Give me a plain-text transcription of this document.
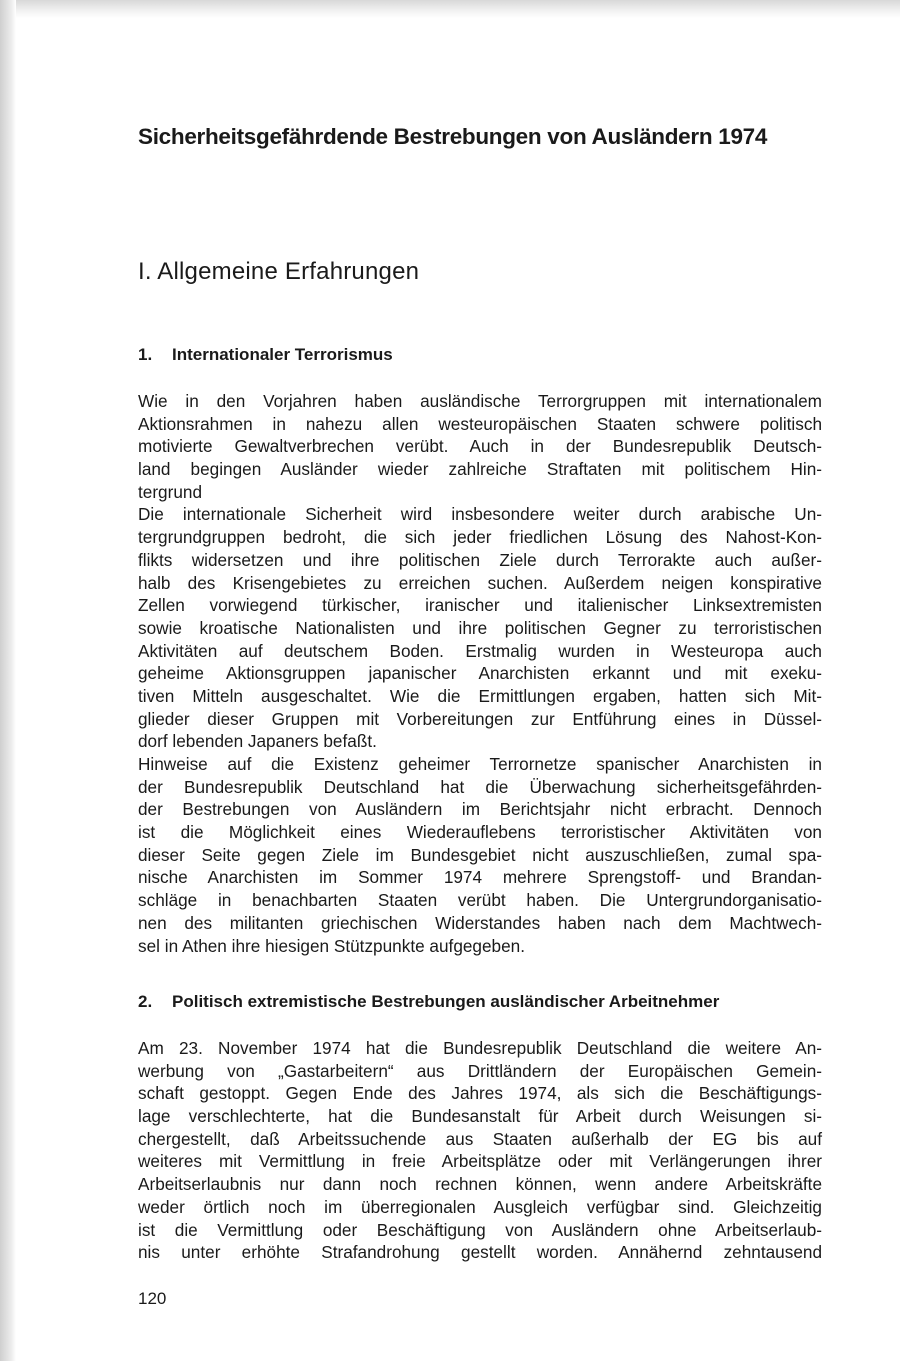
Sicherheitsgefährdende Bestrebungen von Ausländern 1974
I. Allgemeine Erfahrungen
1. Internationaler Terrorismus
Wie in den Vorjahren haben ausländische Terrorgruppen mit internationalem
Aktionsrahmen in nahezu allen westeuropäischen Staaten schwere politisch
motivierte Gewaltverbrechen verübt. Auch in der Bundesrepublik Deutsch-
land begingen Ausländer wieder zahlreiche Straftaten mit politischem Hin-
tergrund
Die internationale Sicherheit wird insbesondere weiter durch arabische Un-
tergrundgruppen bedroht, die sich jeder friedlichen Lösung des Nahost-Kon-
flikts widersetzen und ihre politischen Ziele durch Terrorakte auch außer-
halb des Krisengebietes zu erreichen suchen. Außerdem neigen konspirative
Zellen vorwiegend türkischer, iranischer und italienischer Linksextremisten
sowie kroatische Nationalisten und ihre politischen Gegner zu terroristischen
Aktivitäten auf deutschem Boden. Erstmalig wurden in Westeuropa auch
geheime Aktionsgruppen japanischer Anarchisten erkannt und mit exeku-
tiven Mitteln ausgeschaltet. Wie die Ermittlungen ergaben, hatten sich Mit-
glieder dieser Gruppen mit Vorbereitungen zur Entführung eines in Düssel-
dorf lebenden Japaners befaßt.
Hinweise auf die Existenz geheimer Terrornetze spanischer Anarchisten in
der Bundesrepublik Deutschland hat die Überwachung sicherheitsgefährden-
der Bestrebungen von Ausländern im Berichtsjahr nicht erbracht. Dennoch
ist die Möglichkeit eines Wiederauflebens terroristischer Aktivitäten von
dieser Seite gegen Ziele im Bundesgebiet nicht auszuschließen, zumal spa-
nische Anarchisten im Sommer 1974 mehrere Sprengstoff- und Brandan-
schläge in benachbarten Staaten verübt haben. Die Untergrundorganisatio-
nen des militanten griechischen Widerstandes haben nach dem Machtwech-
sel in Athen ihre hiesigen Stützpunkte aufgegeben.
2. Politisch extremistische Bestrebungen ausländischer Arbeitnehmer
Am 23. November 1974 hat die Bundesrepublik Deutschland die weitere An-
werbung von „Gastarbeitern“ aus Drittländern der Europäischen Gemein-
schaft gestoppt. Gegen Ende des Jahres 1974, als sich die Beschäftigungs-
lage verschlechterte, hat die Bundesanstalt für Arbeit durch Weisungen si-
chergestellt, daß Arbeitssuchende aus Staaten außerhalb der EG bis auf
weiteres mit Vermittlung in freie Arbeitsplätze oder mit Verlängerungen ihrer
Arbeitserlaubnis nur dann noch rechnen können, wenn andere Arbeitskräfte
weder örtlich noch im überregionalen Ausgleich verfügbar sind. Gleichzeitig
ist die Vermittlung oder Beschäftigung von Ausländern ohne Arbeitserlaub-
nis unter erhöhte Strafandrohung gestellt worden. Annähernd zehntausend
120
